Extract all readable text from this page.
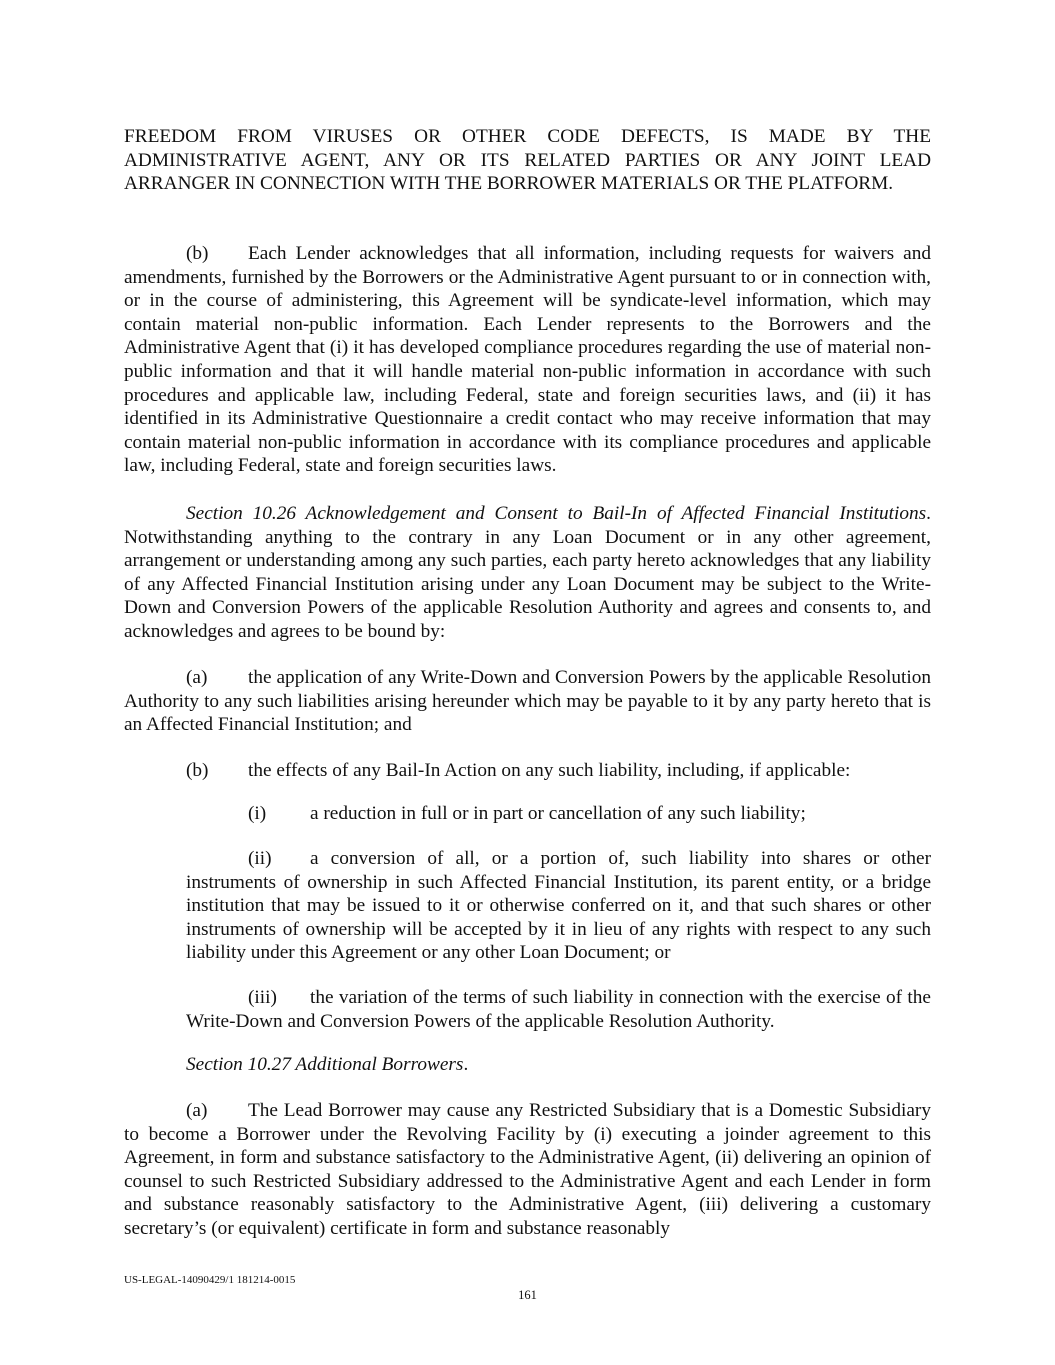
FREEDOM FROM VIRUSES OR OTHER CODE DEFECTS, IS MADE BY THE ADMINISTRATIVE AGENT, ANY OR ITS RELATED PARTIES OR ANY JOINT LEAD ARRANGER IN CONNECTION WITH THE BORROWER MATERIALS OR THE PLATFORM.

(b) Each Lender acknowledges that all information, including requests for waivers and amendments, furnished by the Borrowers or the Administrative Agent pursuant to or in connection with, or in the course of administering, this Agreement will be syndicate-level information, which may contain material non-public information. Each Lender represents to the Borrowers and the Administrative Agent that (i) it has developed compliance procedures regarding the use of material non-public information and that it will handle material non-public information in accordance with such procedures and applicable law, including Federal, state and foreign securities laws, and (ii) it has identified in its Administrative Questionnaire a credit contact who may receive information that may contain material non-public information in accordance with its compliance procedures and applicable law, including Federal, state and foreign securities laws.

Section 10.26 Acknowledgement and Consent to Bail-In of Affected Financial Institutions. Notwithstanding anything to the contrary in any Loan Document or in any other agreement, arrangement or understanding among any such parties, each party hereto acknowledges that any liability of any Affected Financial Institution arising under any Loan Document may be subject to the Write-Down and Conversion Powers of the applicable Resolution Authority and agrees and consents to, and acknowledges and agrees to be bound by:

(a) the application of any Write-Down and Conversion Powers by the applicable Resolution Authority to any such liabilities arising hereunder which may be payable to it by any party hereto that is an Affected Financial Institution; and

(b) the effects of any Bail-In Action on any such liability, including, if applicable:
(i) a reduction in full or in part or cancellation of any such liability;

(ii) a conversion of all, or a portion of, such liability into shares or other instruments of ownership in such Affected Financial Institution, its parent entity, or a bridge institution that may be issued to it or otherwise conferred on it, and that such shares or other instruments of ownership will be accepted by it in lieu of any rights with respect to any such liability under this Agreement or any other Loan Document; or

(iii) the variation of the terms of such liability in connection with the exercise of the Write-Down and Conversion Powers of the applicable Resolution Authority.

Section 10.27 Additional Borrowers.

(a) The Lead Borrower may cause any Restricted Subsidiary that is a Domestic Subsidiary to become a Borrower under the Revolving Facility by (i) executing a joinder agreement to this Agreement, in form and substance satisfactory to the Administrative Agent, (ii) delivering an opinion of counsel to such Restricted Subsidiary addressed to the Administrative Agent and each Lender in form and substance reasonably satisfactory to the Administrative Agent, (iii) delivering a customary secretary’s (or equivalent) certificate in form and substance reasonably

US-LEGAL-14090429/1 181214-0015
161
